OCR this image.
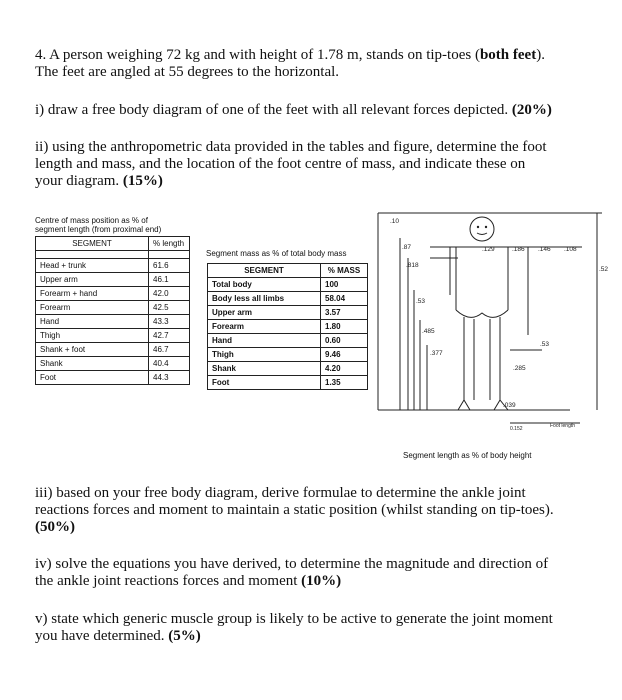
4. A person weighing 72 kg and with height of 1.78 m, stands on tip-toes (both feet).
The feet are angled at 55 degrees to the horizontal.
i) draw a free body diagram of one of the feet with all relevant forces depicted. (20%)
ii) using the anthropometric data provided in the tables and figure, determine the foot
length and mass, and the location of the foot centre of mass, and indicate these on
your diagram. (15%)
Centre of mass position as % of
segment length (from proximal end)
SEGMENT	% length

Head + trunk	61.6
Upper arm	46.1
Forearm + hand	42.0
Forearm	42.5
Hand	43.3
Thigh	42.7
Shank + foot	46.7
Shank	40.4
Foot	44.3
Segment mass as % of total body mass
SEGMENT	% MASS
Total body	100
Body less all limbs	58.04
Upper arm	3.57
Forearm	1.80
Hand	0.60
Thigh	9.46
Shank	4.20
Foot	1.35
.10
.87
.818
.53
.485
.377
.285
.039
.129	.186 .146 .108
.52
.53
0.152	Foot length
Segment length as % of body height
iii) based on your free body diagram, derive formulae to determine the ankle joint
reactions forces and moment to maintain a static position (whilst standing on tip-toes).
(50%)
iv) solve the equations you have derived, to determine the magnitude and direction of
the ankle joint reactions forces and moment (10%)
v) state which generic muscle group is likely to be active to generate the joint moment
you have determined. (5%)
